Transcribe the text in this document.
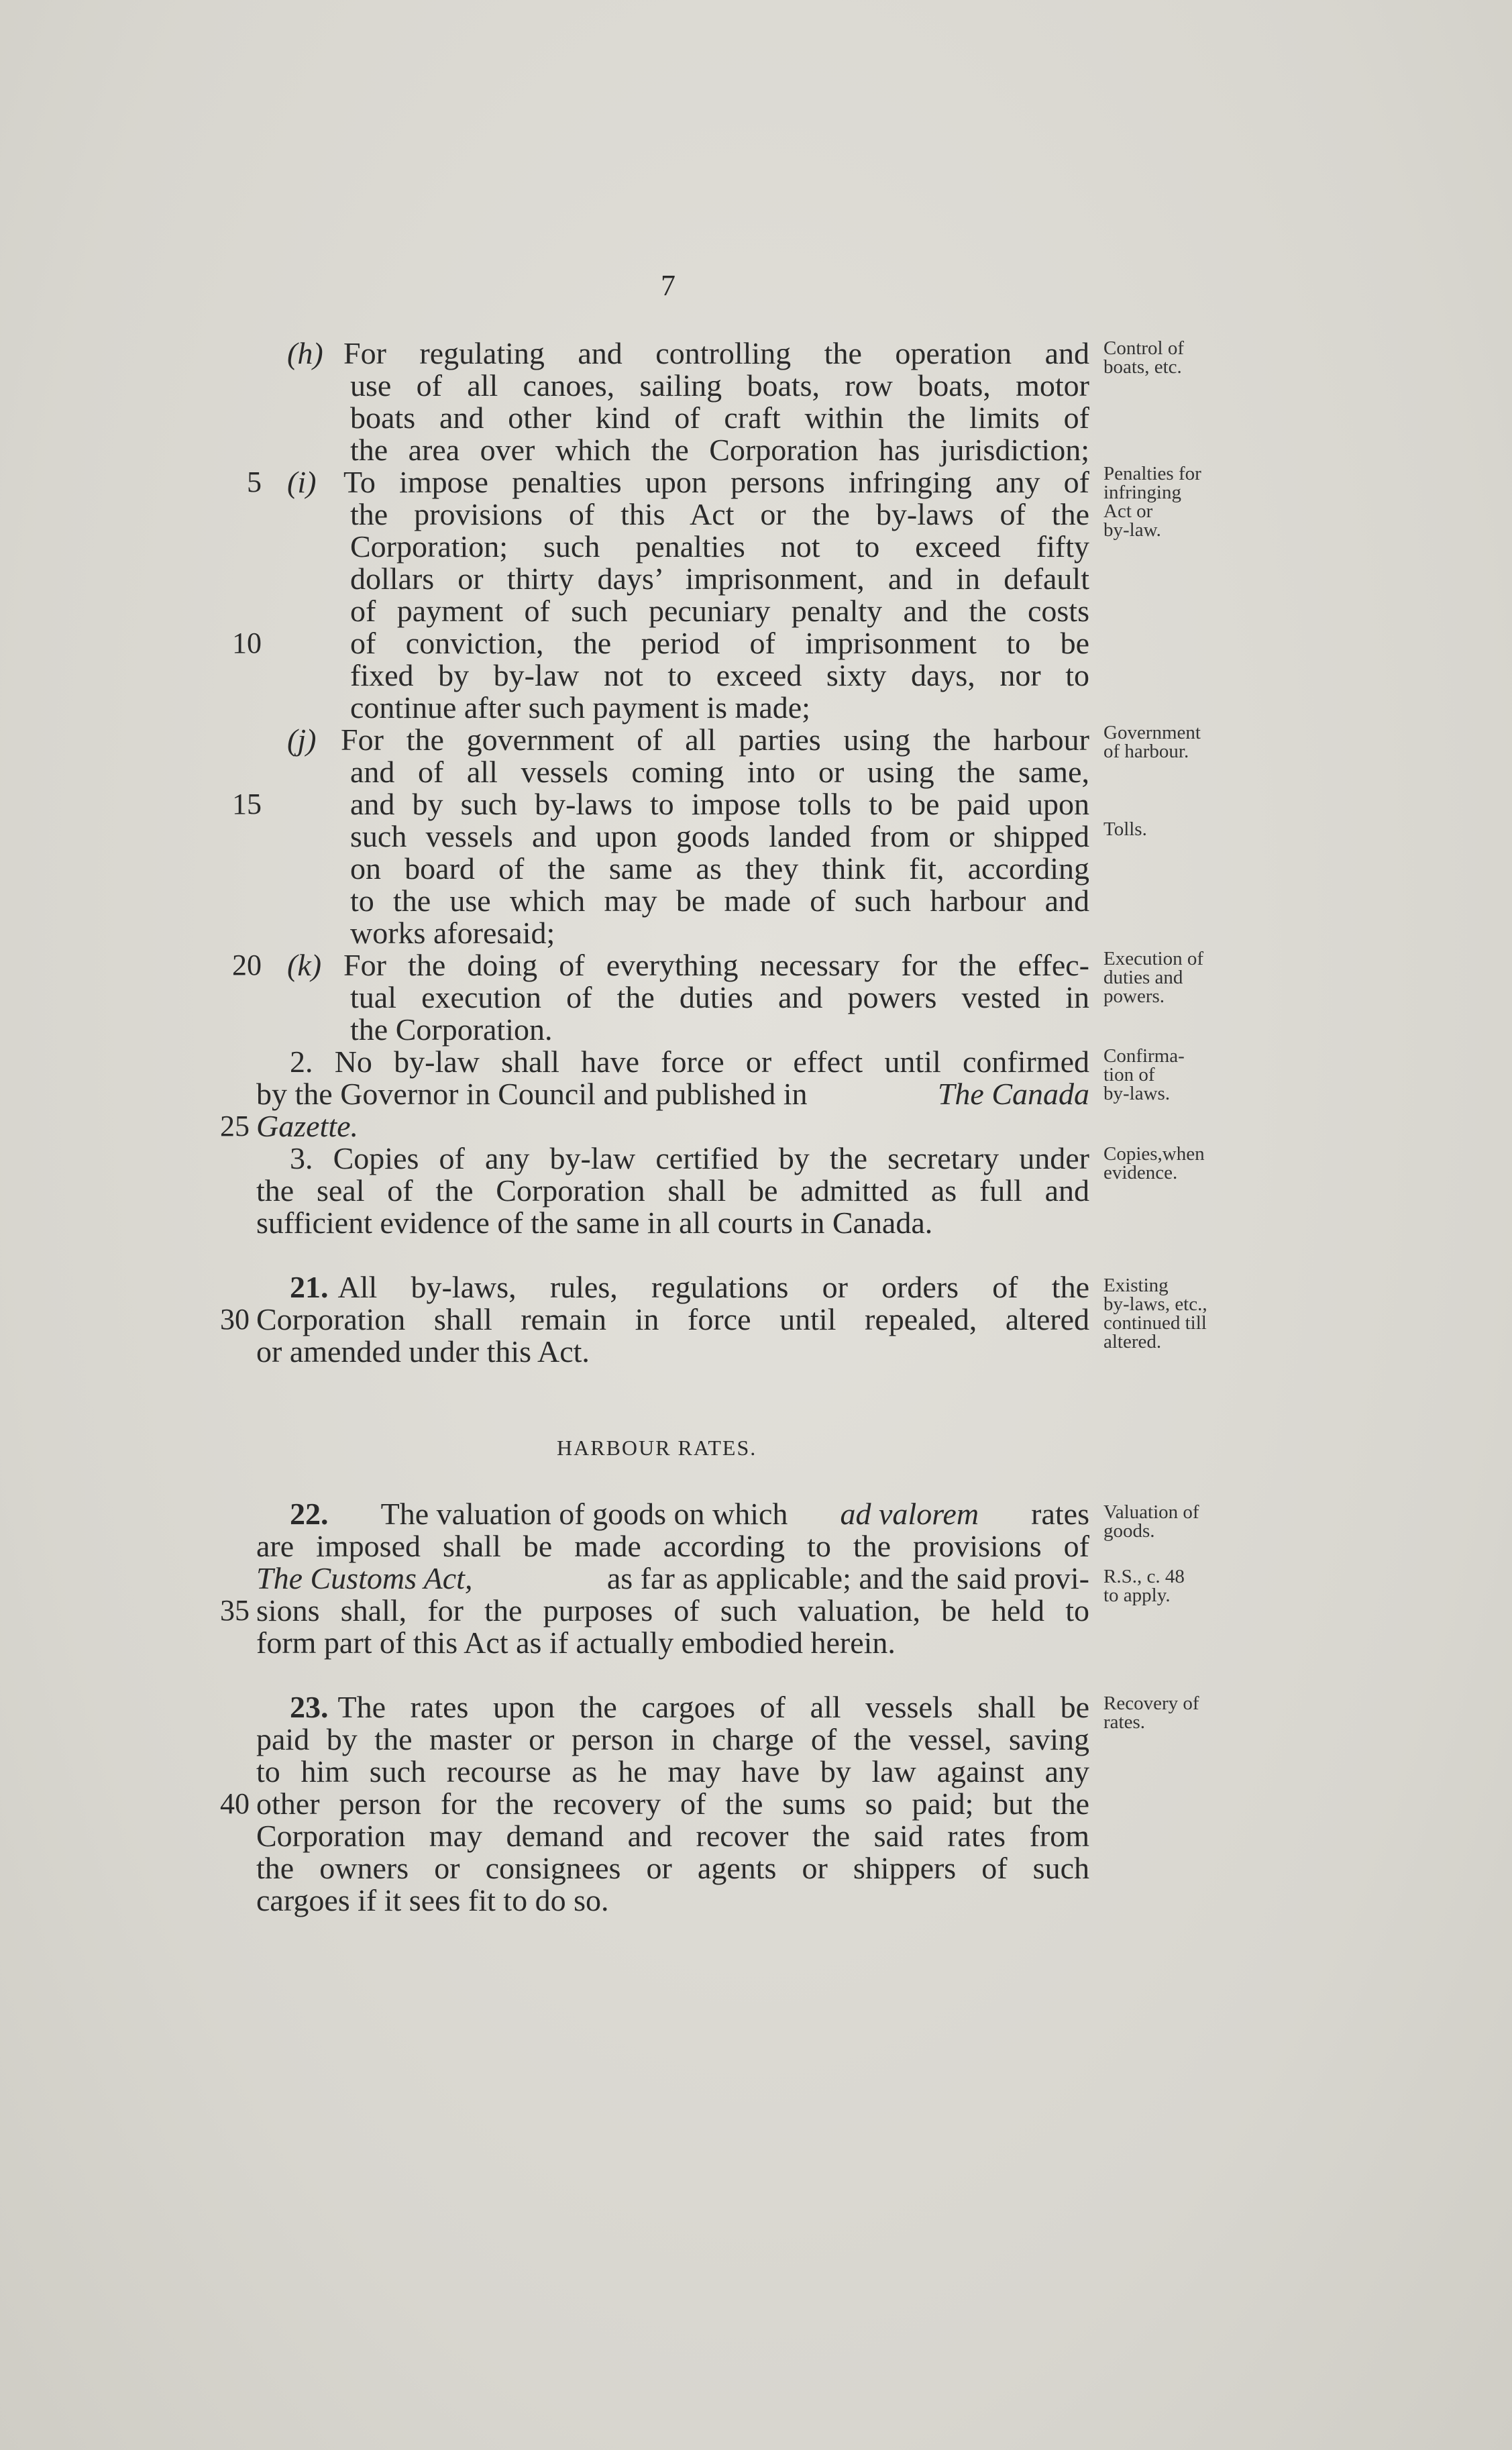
7
(h) For regulating and controlling the operation and
use of all canoes, sailing boats, row boats, motor
boats and other kind of craft within the limits of
the area over which the Corporation has jurisdiction;
5 (i) To impose penalties upon persons infringing any of
the provisions of this Act or the by-laws of the
Corporation; such penalties not to exceed fifty
dollars or thirty days’ imprisonment, and in default
of payment of such pecuniary penalty and the costs
10	of conviction, the period of imprisonment to be
fixed by by-law not to exceed sixty days, nor to
continue after such payment is made;
(j) For the government of all parties using the harbour
and of all vessels coming into or using the same,
15	and by such by-laws to impose tolls to be paid upon
such vessels and upon goods landed from or shipped
on board of the same as they think fit, according
to the use which may be made of such harbour and
works aforesaid;
20 (k) For the doing of everything necessary for the effec-
tual execution of the duties and powers vested in
the Corporation.
2. No by-law shall have force or effect until confirmed
by the Governor in Council and published in	The Canada
25 Gazette.
3. Copies of any by-law certified by the secretary under
the seal of the Corporation shall be admitted as full and
sufficient evidence of the same in all courts in Canada.
21. All by-laws, rules, regulations or orders of the
30 Corporation shall remain in force until repealed, altered
or amended under this Act.
HARBOUR RATES.
22. The valuation of goods on which ad valorem rates
are imposed shall be made according to the provisions of
The Customs Act,	as far as applicable; and the said provi-
35 sions shall, for the purposes of such valuation, be held to
form part of this Act as if actually embodied herein.
23. The rates upon the cargoes of all vessels shall be
paid by the master or person in charge of the vessel, saving
to him such recourse as he may have by law against any
40 other person for the recovery of the sums so paid; but the
Corporation may demand and recover the said rates from
the owners or consignees or agents or shippers of such
cargoes if it sees fit to do so.
Control of
boats, etc.
Penalties for
infringing
Act or
by-law.
Government
of harbour.
Tolls.
Execution of
duties and
powers.
Confirma-
tion of
by-laws.
Copies,when
evidence.
Existing
by-laws, etc.,
continued till
altered.
Valuation of
goods.
R.S., c. 48
to apply.
Recovery of
rates.
